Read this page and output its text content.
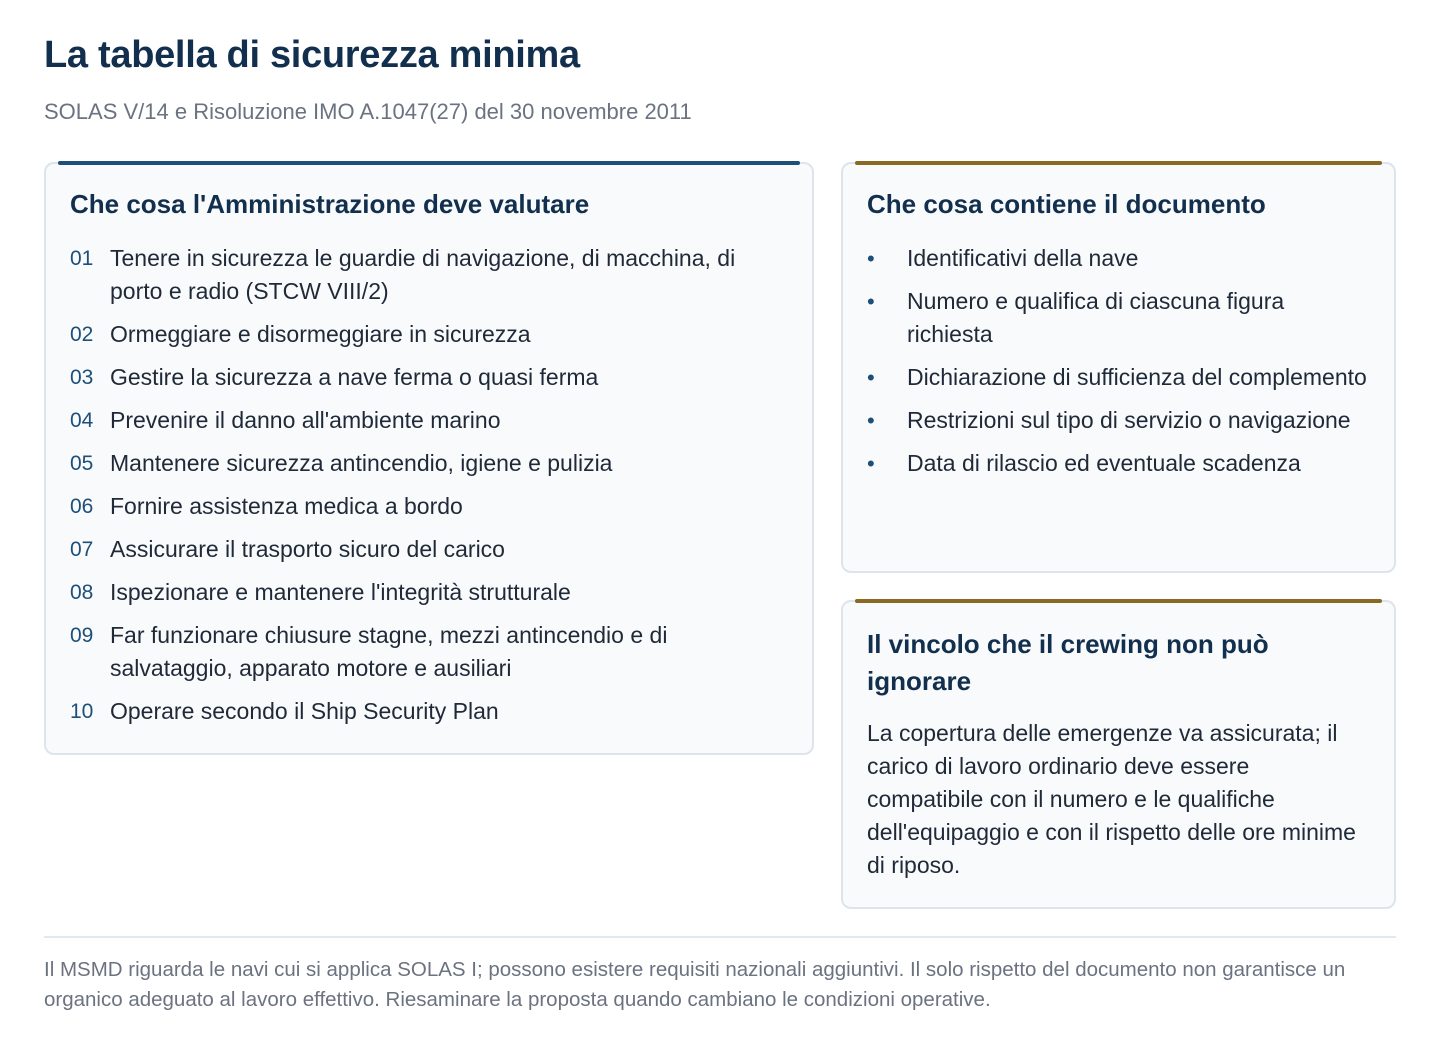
La tabella di sicurezza minima
SOLAS V/14 e Risoluzione IMO A.1047(27) del 30 novembre 2011
Che cosa l'Amministrazione deve valutare
01 Tenere in sicurezza le guardie di navigazione, di macchina, di porto e radio (STCW VIII/2)
02 Ormeggiare e disormeggiare in sicurezza
03 Gestire la sicurezza a nave ferma o quasi ferma
04 Prevenire il danno all'ambiente marino
05 Mantenere sicurezza antincendio, igiene e pulizia
06 Fornire assistenza medica a bordo
07 Assicurare il trasporto sicuro del carico
08 Ispezionare e mantenere l'integrità strutturale
09 Far funzionare chiusure stagne, mezzi antincendio e di salvataggio, apparato motore e ausiliari
10 Operare secondo il Ship Security Plan
Che cosa contiene il documento
•	Identificativi della nave
•	Numero e qualifica di ciascuna figura richiesta
•	Dichiarazione di sufficienza del complemento
•	Restrizioni sul tipo di servizio o navigazione
•	Data di rilascio ed eventuale scadenza
Il vincolo che il crewing non può ignorare

La copertura delle emergenze va assicurata; il carico di lavoro ordinario deve essere compatibile con il numero e le qualifiche dell'equipaggio e con il rispetto delle ore minime di riposo.

Il MSMD riguarda le navi cui si applica SOLAS I; possono esistere requisiti nazionali aggiuntivi. Il solo rispetto del documento non garantisce un organico adeguato al lavoro effettivo. Riesaminare la proposta quando cambiano le condizioni operative.
